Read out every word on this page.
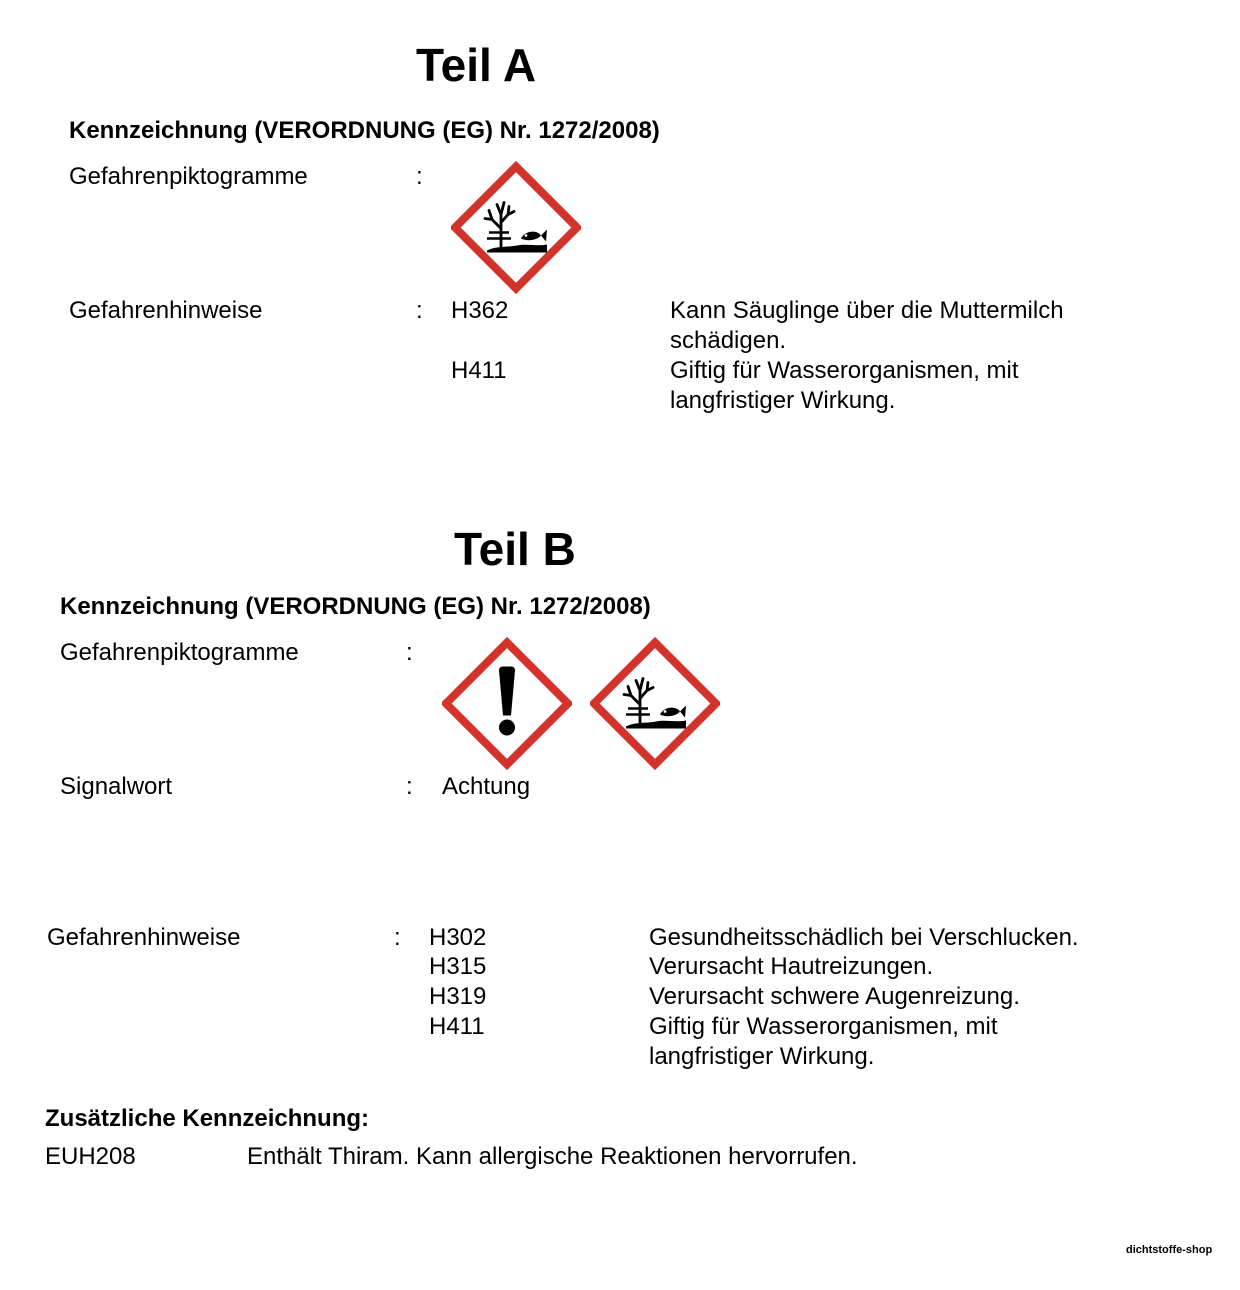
Teil A
Kennzeichnung (VERORDNUNG (EG) Nr. 1272/2008)
Gefahrenpiktogramme	:
Gefahrenhinweise	: H362	Kann Säuglinge über die Muttermilch
schädigen.
H411	Giftig für Wasserorganismen, mit
langfristiger Wirkung.
Teil B
Kennzeichnung (VERORDNUNG (EG) Nr. 1272/2008)
Gefahrenpiktogramme	:
Signalwort	: Achtung
Gefahrenhinweise	: H302	Gesundheitsschädlich bei Verschlucken.
H315	Verursacht Hautreizungen.
H319	Verursacht schwere Augenreizung.
H411	Giftig für Wasserorganismen, mit
langfristiger Wirkung.
Zusätzliche Kennzeichnung:
EUH208	Enthält Thiram. Kann allergische Reaktionen hervorrufen.
dichtstoffe-shop
